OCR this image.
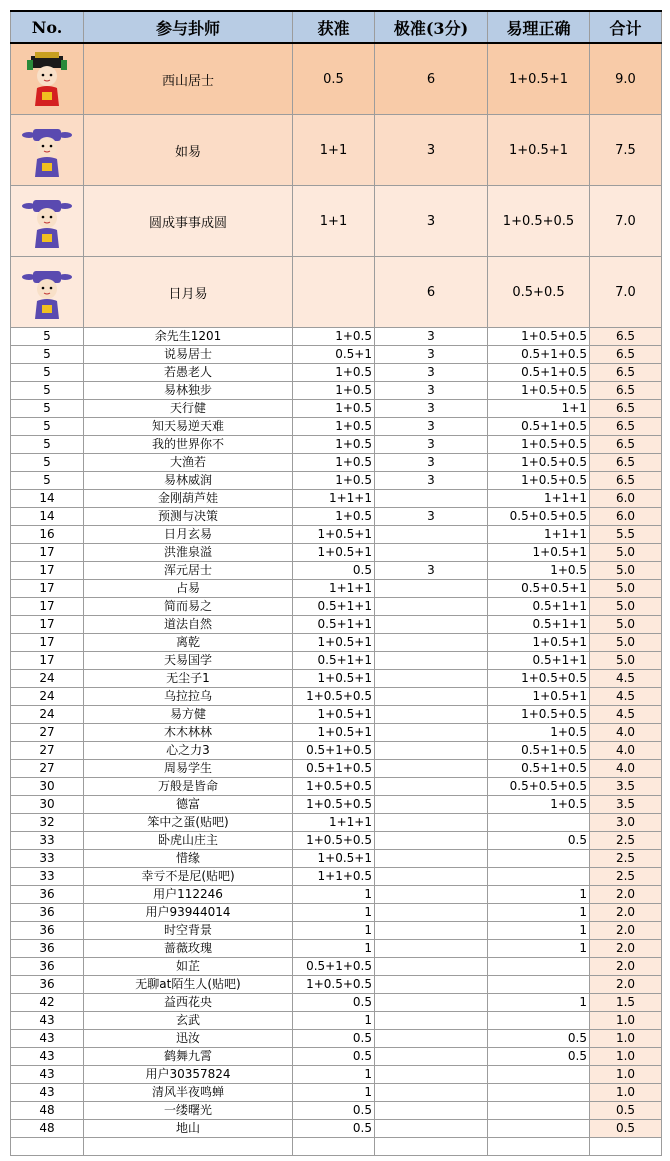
No.	参与卦师	获准	极准(3分)	易理正确	合计

	西山居士	0.5	6	1+0.5+1	9.0

	如易	1+1	3	1+0.5+1	7.5

	圆成事事成圆	1+1	3	1+0.5+0.5	7.0

	日月易		6	0.5+0.5	7.0
5	余先生1201	1+0.5	3	1+0.5+0.5	6.5
5	说易居士	0.5+1	3	0.5+1+0.5	6.5
5	若愚老人	1+0.5	3	0.5+1+0.5	6.5
5	易林独步	1+0.5	3	1+0.5+0.5	6.5
5	天行健	1+0.5	3	1+1	6.5
5	知天易逆天难	1+0.5	3	0.5+1+0.5	6.5
5	我的世界你不	1+0.5	3	1+0.5+0.5	6.5
5	大渔若	1+0.5	3	1+0.5+0.5	6.5
5	易林威润	1+0.5	3	1+0.5+0.5	6.5
14	金刚葫芦娃	1+1+1		1+1+1	6.0
14	预测与决策	1+0.5	3	0.5+0.5+0.5	6.0
16	日月玄易	1+0.5+1		1+1+1	5.5
17	洪淮泉溢	1+0.5+1		1+0.5+1	5.0
17	浑元居士	0.5	3	1+0.5	5.0
17	占易	1+1+1		0.5+0.5+1	5.0
17	简而易之	0.5+1+1		0.5+1+1	5.0
17	道法自然	0.5+1+1		0.5+1+1	5.0
17	离乾	1+0.5+1		1+0.5+1	5.0
17	天易国学	0.5+1+1		0.5+1+1	5.0
24	无尘子1	1+0.5+1		1+0.5+0.5	4.5
24	乌拉拉乌	1+0.5+0.5		1+0.5+1	4.5
24	易方健	1+0.5+1		1+0.5+0.5	4.5
27	木木林林	1+0.5+1		1+0.5	4.0
27	心之力3	0.5+1+0.5		0.5+1+0.5	4.0
27	周易学生	0.5+1+0.5		0.5+1+0.5	4.0
30	万般是皆命	1+0.5+0.5		0.5+0.5+0.5	3.5
30	德富	1+0.5+0.5		1+0.5	3.5
32	笨中之蛋(贴吧)	1+1+1			3.0
33	卧虎山庄主	1+0.5+0.5		0.5	2.5
33	惜缘	1+0.5+1			2.5
33	幸亏不是尼(贴吧)	1+1+0.5			2.5
36	用户112246	1		1	2.0
36	用户93944014	1		1	2.0
36	时空背景	1		1	2.0
36	蔷薇玫瑰	1		1	2.0
36	如芷	0.5+1+0.5			2.0
36	无聊at陌生人(贴吧)	1+0.5+0.5			2.0
42	益西花央	0.5		1	1.5
43	玄武	1			1.0
43	迅汝	0.5		0.5	1.0
43	鹤舞九霄	0.5		0.5	1.0
43	用户30357824	1			1.0
43	清风半夜鸣蝉	1			1.0
48	一缕曙光	0.5			0.5
48	地山	0.5			0.5
